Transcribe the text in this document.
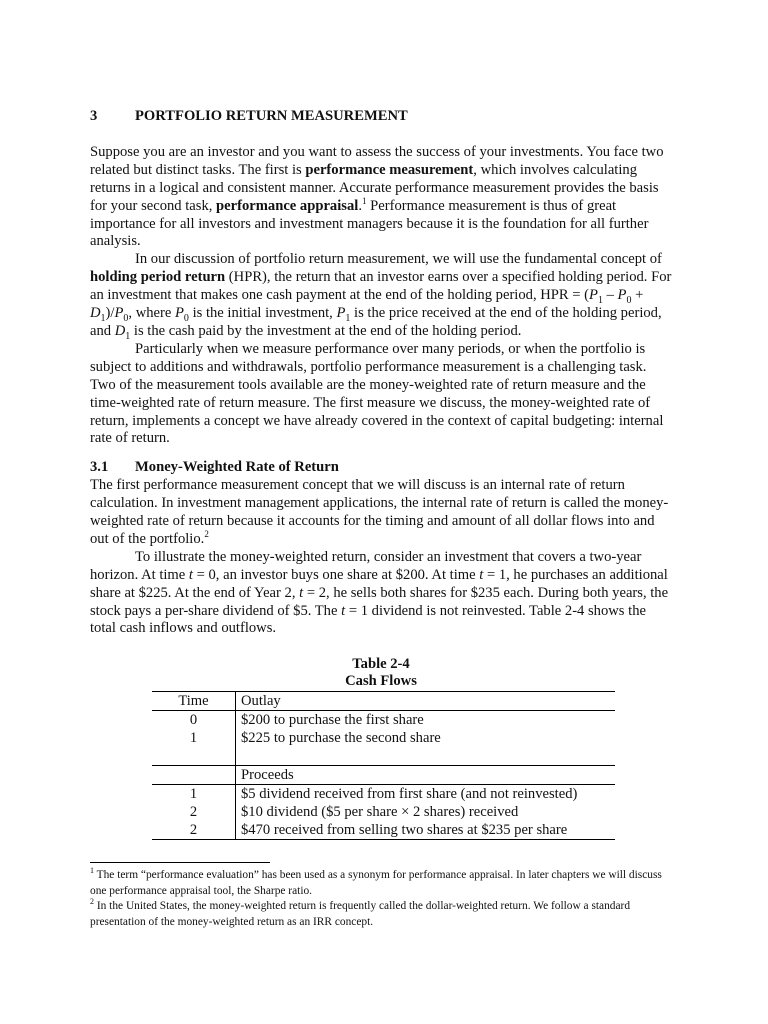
3	PORTFOLIO RETURN MEASUREMENT

Suppose you are an investor and you want to assess the success of your investments. You face two related but distinct tasks. The first is performance measurement, which involves calculating returns in a logical and consistent manner. Accurate performance measurement provides the basis for your second task, performance appraisal.$^1$ Performance measurement is thus of great importance for all investors and investment managers because it is the foundation for all further analysis.

In our discussion of portfolio return measurement, we will use the fundamental concept of holding period return (HPR), the return that an investor earns over a specified holding period. For an investment that makes one cash payment at the end of the holding period, HPR = $(P_1 - P_0 + D_1)/P_0$, where $P_0$ is the initial investment, $P_1$ is the price received at the end of the holding period, and $D_1$ is the cash paid by the investment at the end of the holding period.

Particularly when we measure performance over many periods, or when the portfolio is subject to additions and withdrawals, portfolio performance measurement is a challenging task. Two of the measurement tools available are the money-weighted rate of return measure and the time-weighted rate of return measure. The first measure we discuss, the money-weighted rate of return, implements a concept we have already covered in the context of capital budgeting: internal rate of return.

3.1 Money-Weighted Rate of Return

The first performance measurement concept that we will discuss is an internal rate of return calculation. In investment management applications, the internal rate of return is called the money-weighted rate of return because it accounts for the timing and amount of all dollar flows into and out of the portfolio.$^2$

To illustrate the money-weighted return, consider an investment that covers a two-year horizon. At time t = 0, an investor buys one share at $200. At time t = 1, he purchases an additional share at $225. At the end of Year 2, t = 2, he sells both shares for $235 each. During both years, the stock pays a per-share dividend of $5. The t = 1 dividend is not reinvested. Table 2-4 shows the total cash inflows and outflows.

Table 2-4
Cash Flows
Time	Outlay
0	$200 to purchase the first share
1	$225 to purchase the second share

	Proceeds
1	$5 dividend received from first share (and not reinvested)
2	$10 dividend ($5 per share × 2 shares) received
2	$470 received from selling two shares at $235 per share

$^1$ The term “performance evaluation” has been used as a synonym for performance appraisal. In later chapters we will discuss one performance appraisal tool, the Sharpe ratio.

$^2$ In the United States, the money-weighted return is frequently called the dollar-weighted return. We follow a standard presentation of the money-weighted return as an IRR concept.
